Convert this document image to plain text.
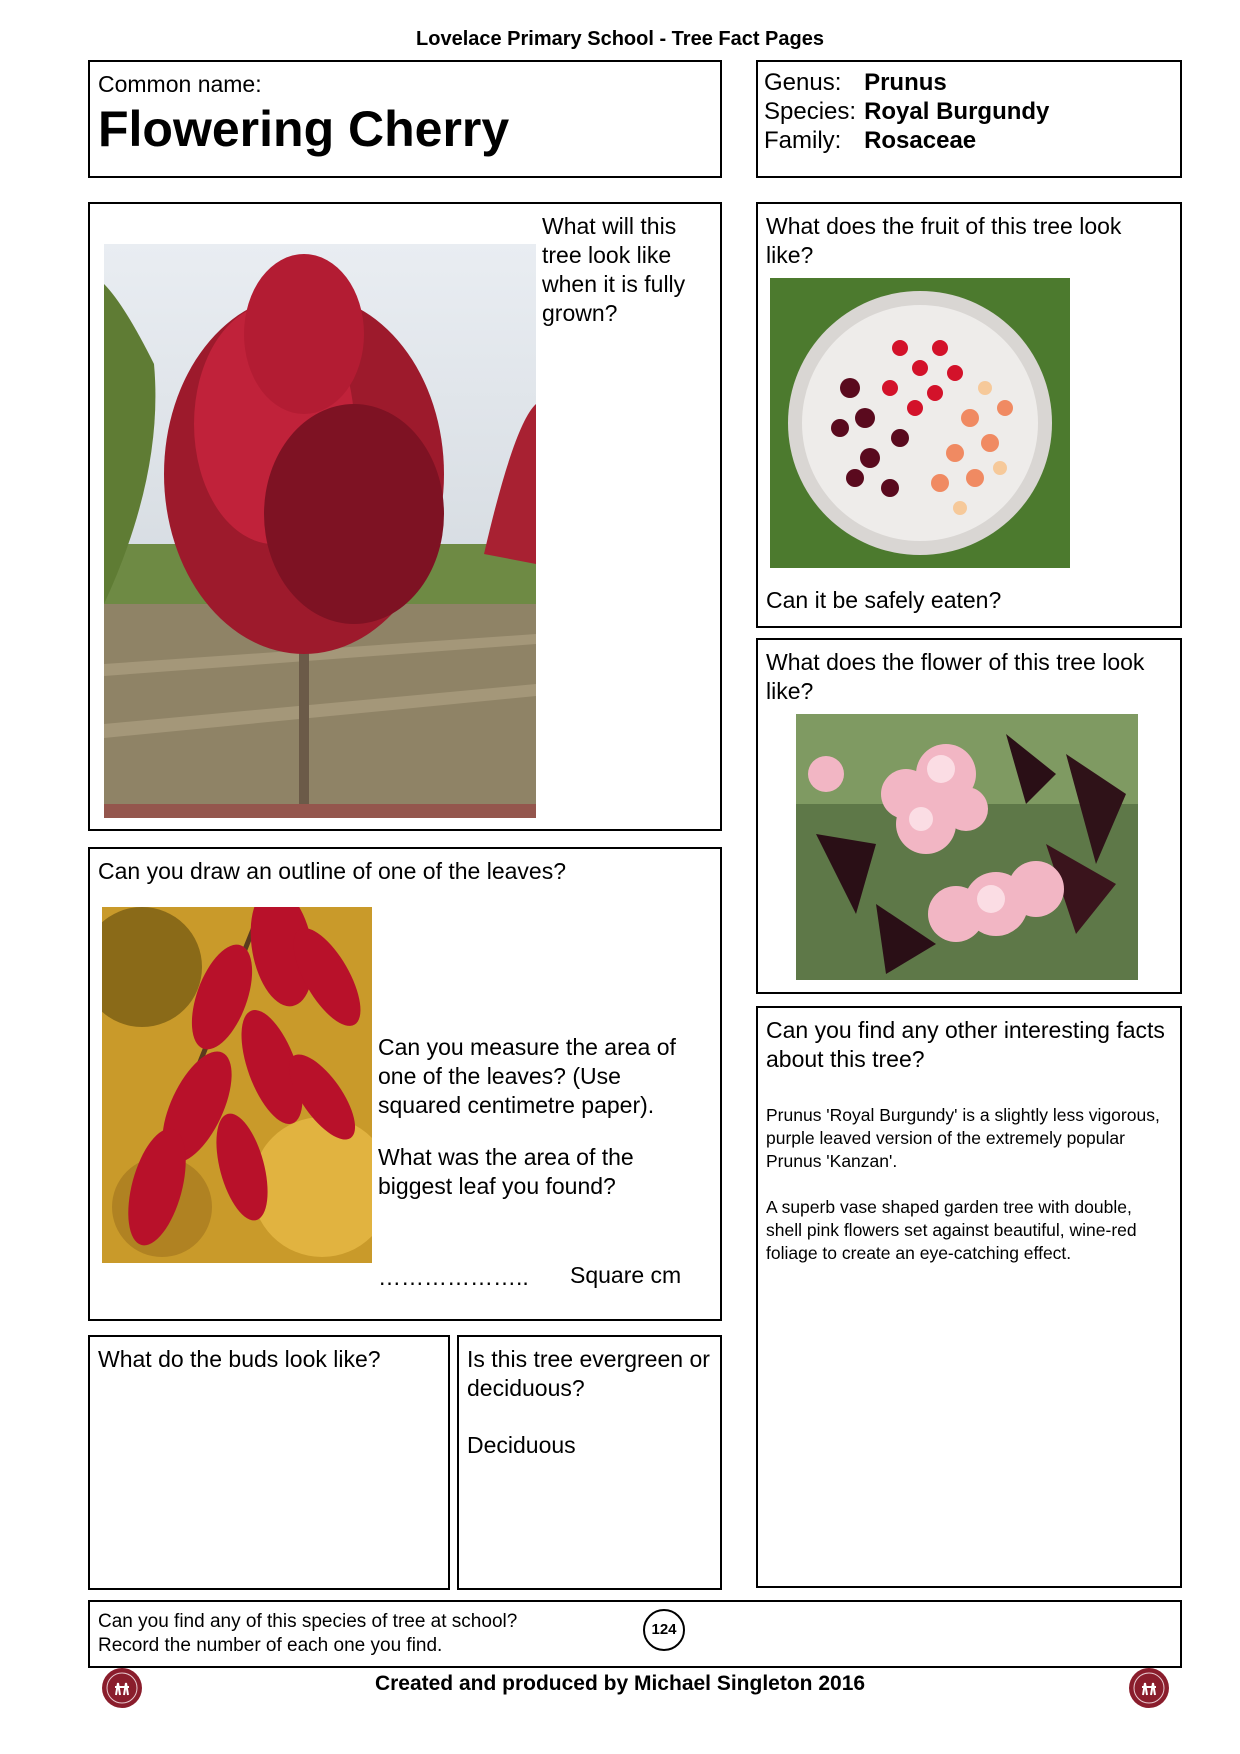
Lovelace Primary School - Tree Fact Pages
Common name:
Flowering Cherry
Genus:	Prunus
Species:	Royal Burgundy
Family:	Rosaceae
What will this tree look like when it is fully grown?
What does the fruit of this tree look like?
Can it be safely eaten?
What does the flower of this tree look like?
Can you draw an outline of one of the leaves?
Can you measure the area of one of the leaves? (Use squared centimetre paper).
What was the area of the biggest leaf you found?
……………….. Square cm
Can you find any other interesting facts about this tree?
Prunus 'Royal Burgundy' is a slightly less vigorous, purple leaved version of the extremely popular Prunus 'Kanzan'.
A superb vase shaped garden tree with double, shell pink flowers set against beautiful, wine-red foliage to create an eye-catching effect.
What do the buds look like?	Is this tree evergreen or deciduous?
Deciduous
Can you find any of this species of tree at school?
Record the number of each one you find.
124
Created and produced by Michael Singleton 2016
